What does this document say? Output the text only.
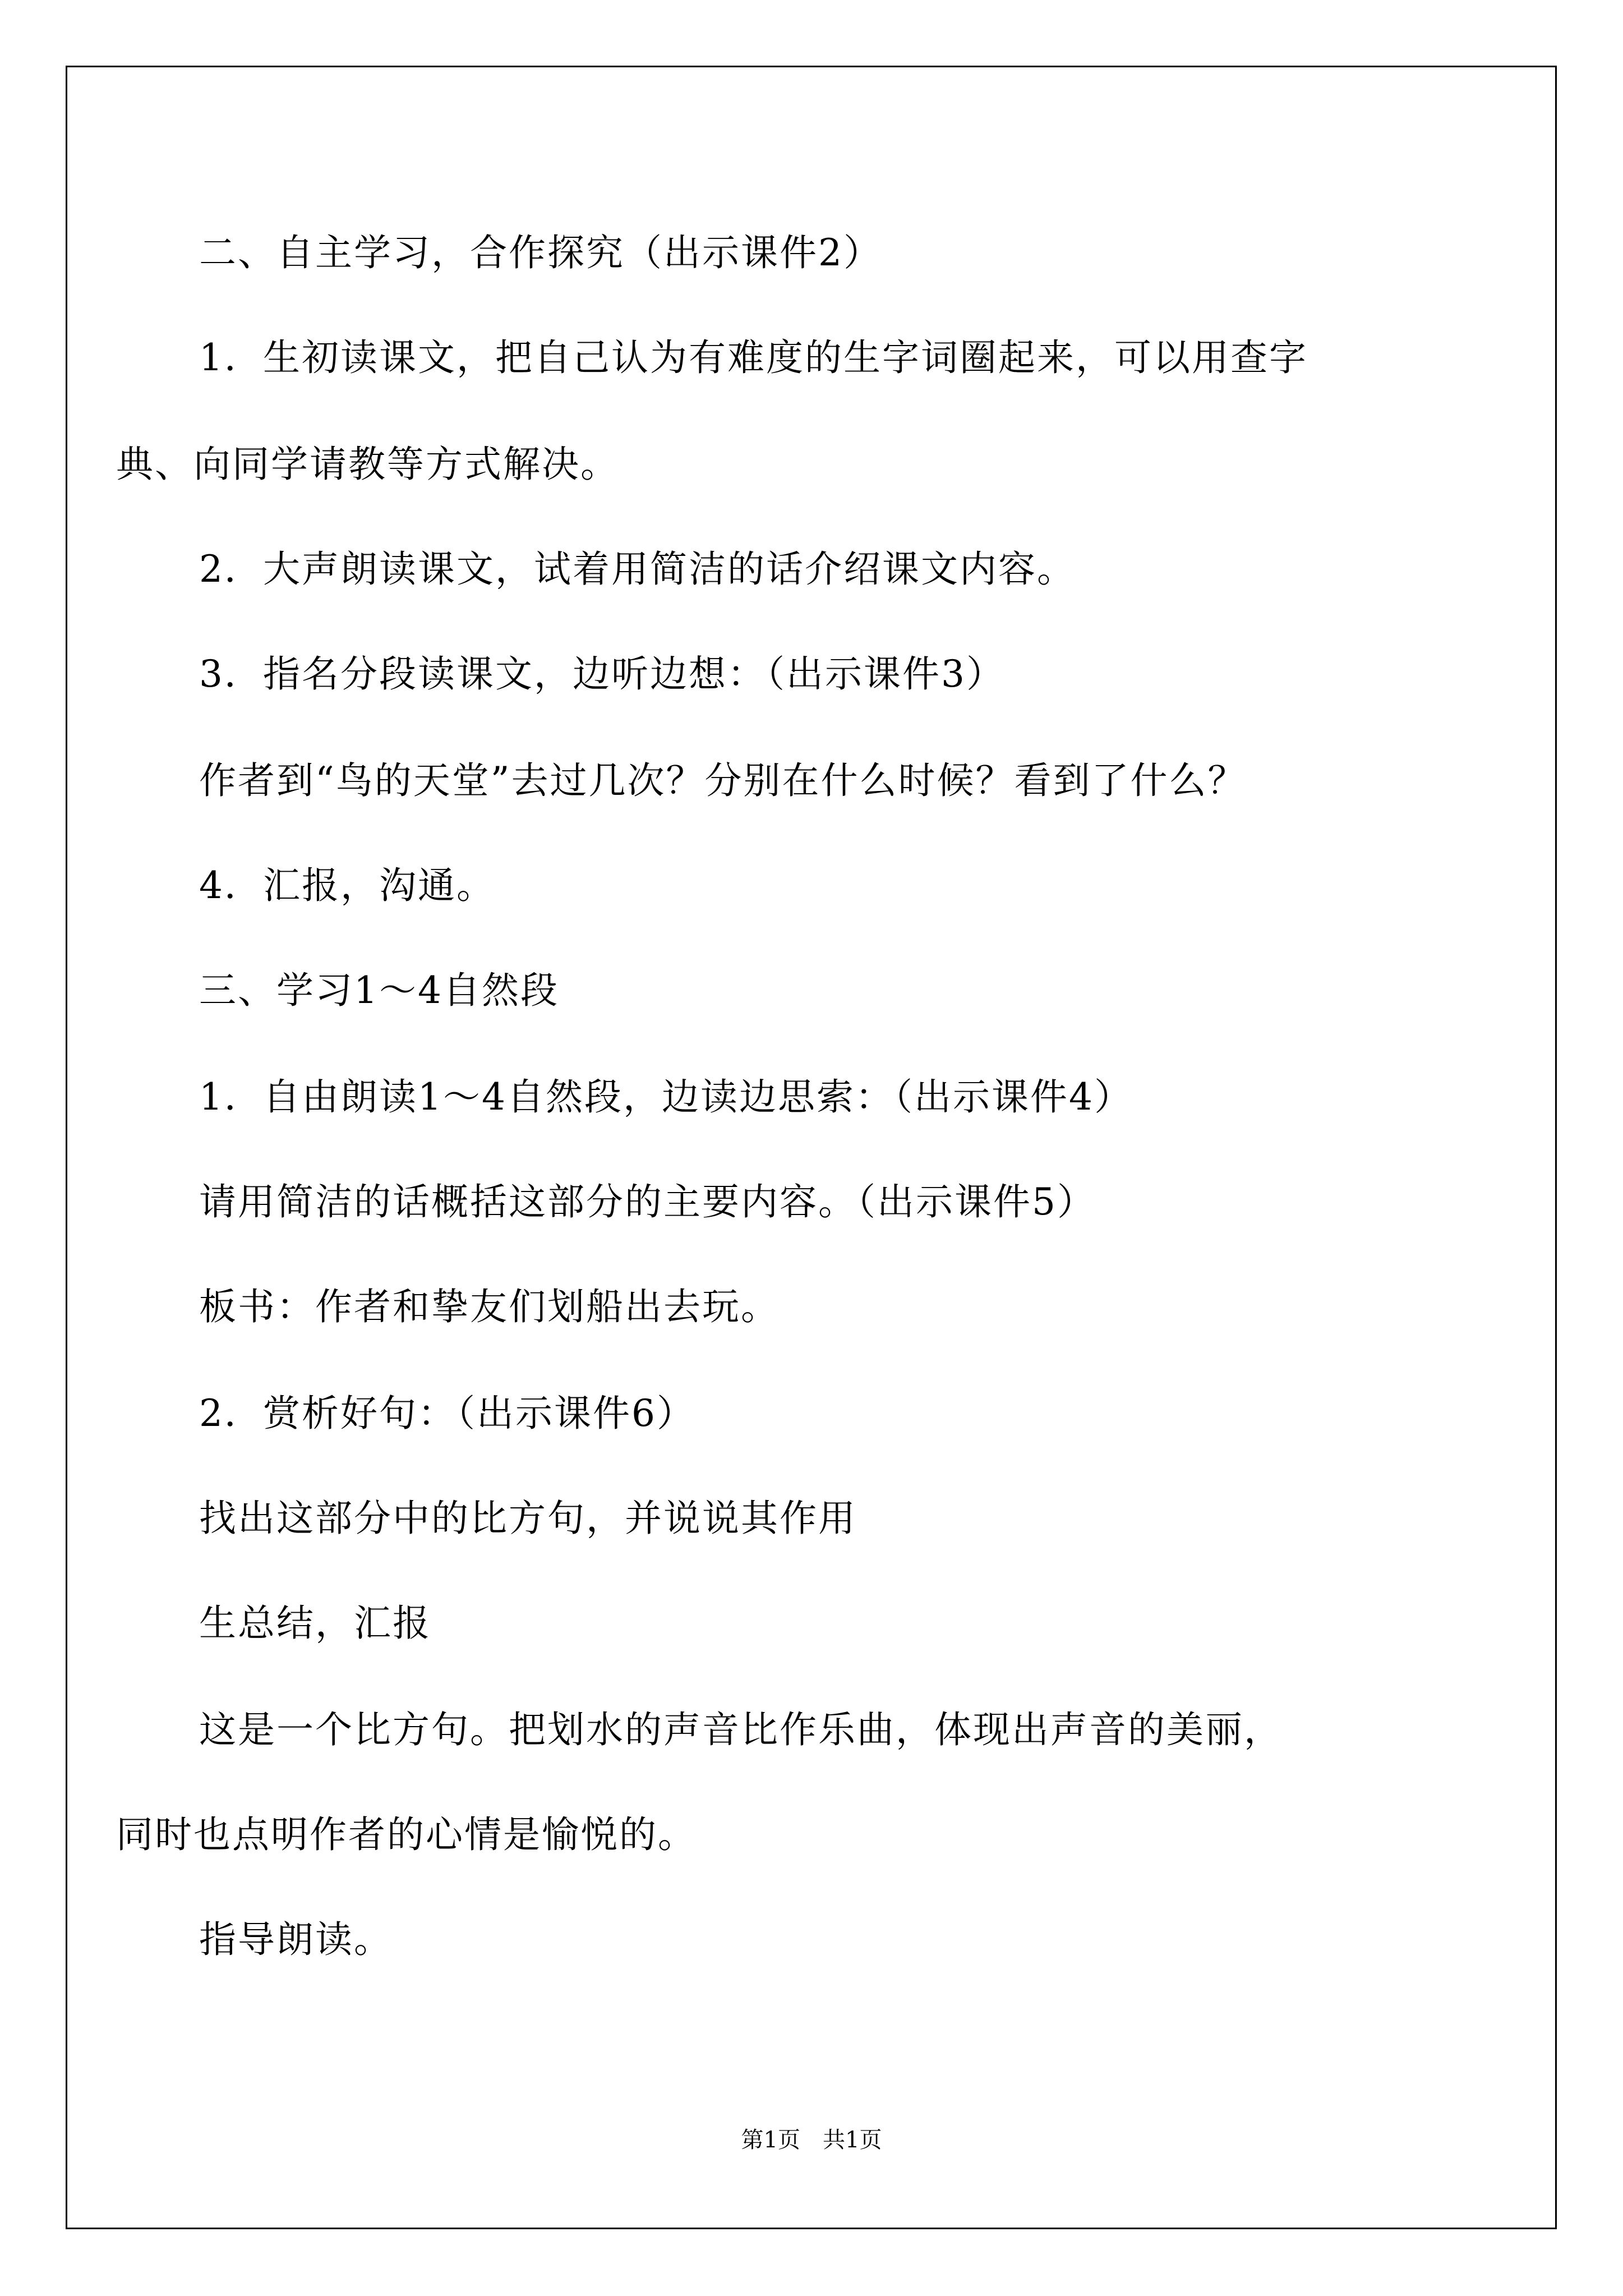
二、自主学习，合作探究（出示课件2）
1．生初读课文，把自己认为有难度的生字词圈起来，可以用查字
典、向同学请教等方式解决。
2．大声朗读课文，试着用简洁的话介绍课文内容。
3．指名分段读课文，边听边想：（出示课件3）
作者到“鸟的天堂”去过几次？分别在什么时候？看到了什么？
4．汇报，沟通。
三、学习1～4自然段
1．自由朗读1～4自然段，边读边思索：（出示课件4）
请用简洁的话概括这部分的主要内容。（出示课件5）
板书：作者和挚友们划船出去玩。
2．赏析好句：（出示课件6）
找出这部分中的比方句，并说说其作用
生总结，汇报
这是一个比方句。把划水的声音比作乐曲，体现出声音的美丽，
同时也点明作者的心情是愉悦的。
指导朗读。
第1页　共1页
